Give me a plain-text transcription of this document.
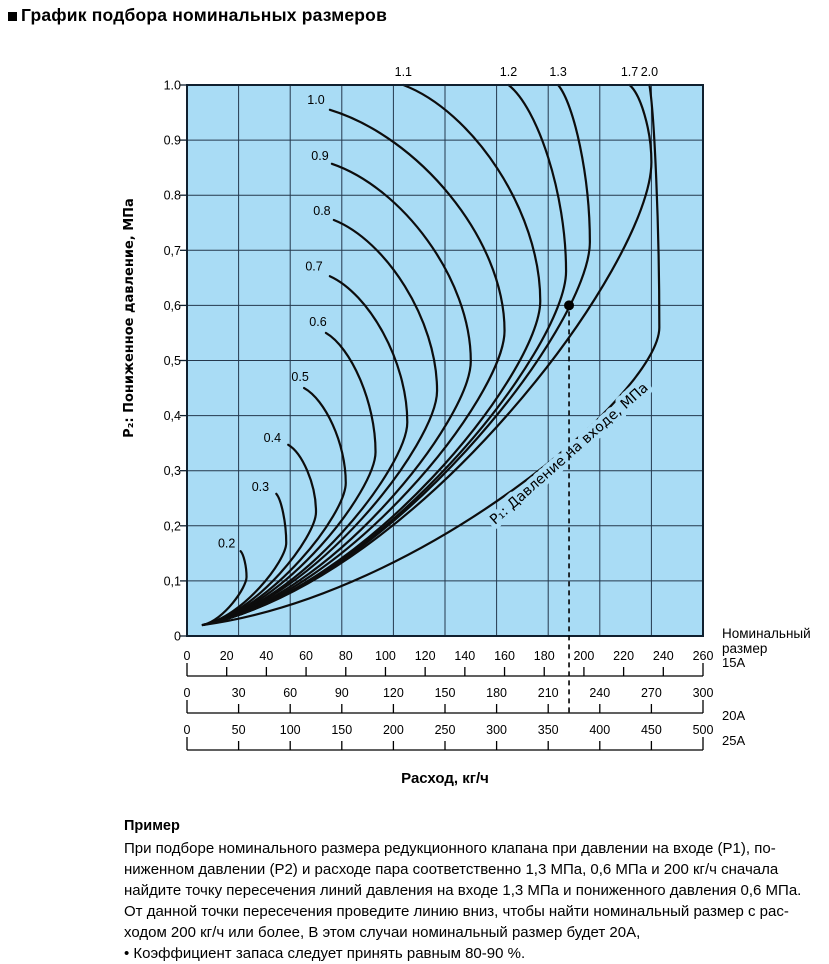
График подбора номинальных размеров
P₁: Давление на входе, МПа
1.0
0.9
0.8
0,7
0,6
0,5
0,4
0,3
0,2
0,1
0
P₂: Пониженное давление, МПа
0 20 40 60 80 100 120 140 160 180 200 220 240 260 15A
0	30	60	90	120 150 180 210 240 270 300
20A
0	50	100 150 200 250 300 350 400 450 500
25A
Номинальный
размер
Расход, кг/ч
0.2
0.3
0.4
0.5
0.6
0.7
0.8
0.9
1.0
1.1	1.2	1.3	1.7 2.0
Пример
При подборе номинального размера редукционного клапана при давлении на входе (P1), по-
ниженном давлении (P2) и расходе пара соответственно 1,3 МПа, 0,6 МПа и 200 кг/ч сначала
найдите точку пересечения линий давления на входе 1,3 МПа и пониженного давления 0,6 МПа.
От данной точки пересечения проведите линию вниз, чтобы найти номинальный размер с рас-
ходом 200 кг/ч или более, В этом случаи номинальный размер будет 20А,
• Коэффициент запаса следует принять равным 80-90 %.
